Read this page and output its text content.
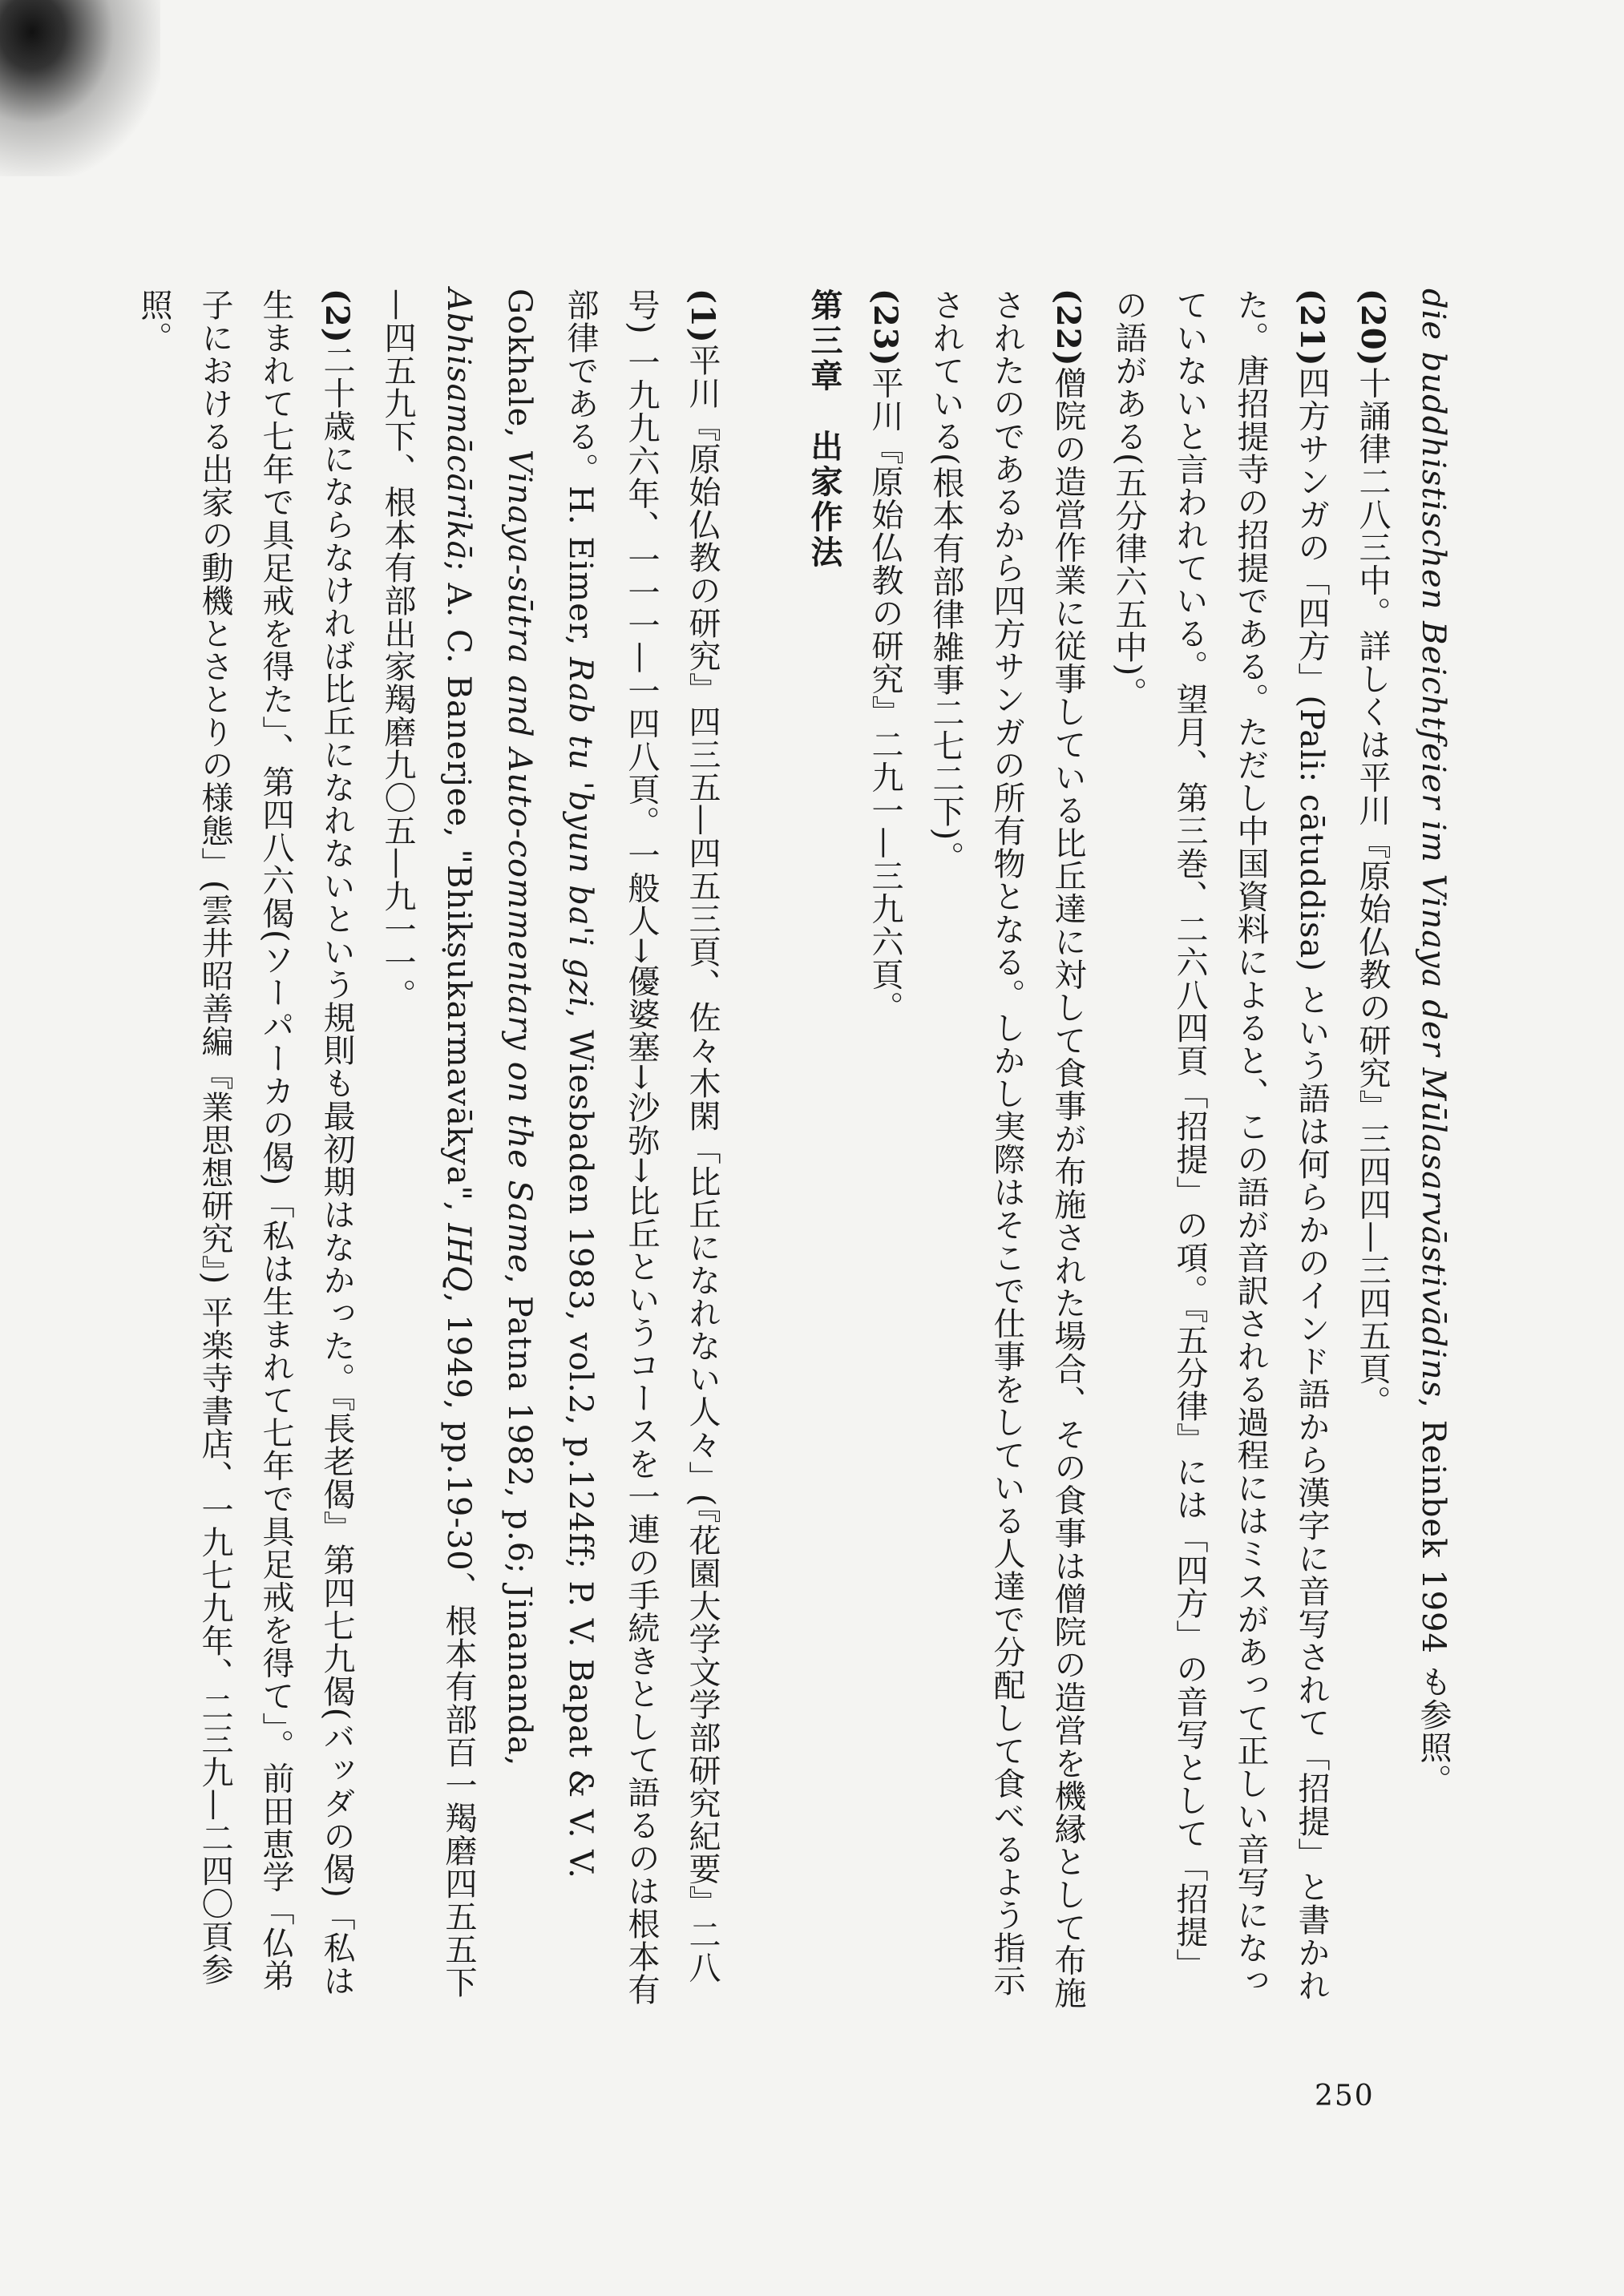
die buddhistischen Beichtfeier im Vinaya der Mūlasarvāstivādins, Reinbek 1994 も参照。

(20)十誦律二八三中。詳しくは平川『原始仏教の研究』三四四—三四五頁。

(21)四方サンガの「四方」(Pali: cātuddisa) という語は何らかのインド語から漢字に音写されて「招提」と書かれた。唐招提寺の招提である。ただし中国資料によると、この語が音訳される過程にはミスがあって正しい音写になっていないと言われている。望月、第三巻、二六八四頁「招提」の項。『五分律』には「四方」の音写として「招提」の語がある(五分律六五中)。

(22)僧院の造営作業に従事している比丘達に対して食事が布施された場合、その食事は僧院の造営を機縁として布施されたのであるから四方サンガの所有物となる。しかし実際はそこで仕事をしている人達で分配して食べるよう指示されている(根本有部律雑事二七二下)。

(23)平川『原始仏教の研究』二九一—三九六頁。

第三章　出家作法

(1)平川『原始仏教の研究』四三五—四五三頁、佐々木閑「比丘になれない人々」(『花園大学文学部研究紀要』二八号) 一九九六年、一一一—一四八頁。一般人→優婆塞→沙弥→比丘というコースを一連の手続きとして語るのは根本有部律である。H. Eimer, Rab tu 'byun ba'i gzi, Wiesbaden 1983, vol.2, p.124ff; P. V. Bapat & V. V. Gokhale, Vinaya-sūtra and Auto-commentary on the Same, Patna 1982, p.6; Jinananda, Abhisamācārikā; A. C. Banerjee, "Bhikṣukarmavākya", IHQ, 1949, pp.19-30、根本有部百一羯磨四五五下—四五九下、根本有部出家羯磨九〇五—九一一。

(2)二十歳にならなければ比丘になれないという規則も最初期はなかった。『長老偈』第四七九偈(バッダの偈)「私は生まれて七年で具足戒を得た」、第四八六偈(ソーパーカの偈)「私は生まれて七年で具足戒を得て」。前田恵学「仏弟子における出家の動機とさとりの様態」(雲井昭善編『業思想研究』) 平楽寺書店、一九七九年、二三九—二四〇頁参照。

250
